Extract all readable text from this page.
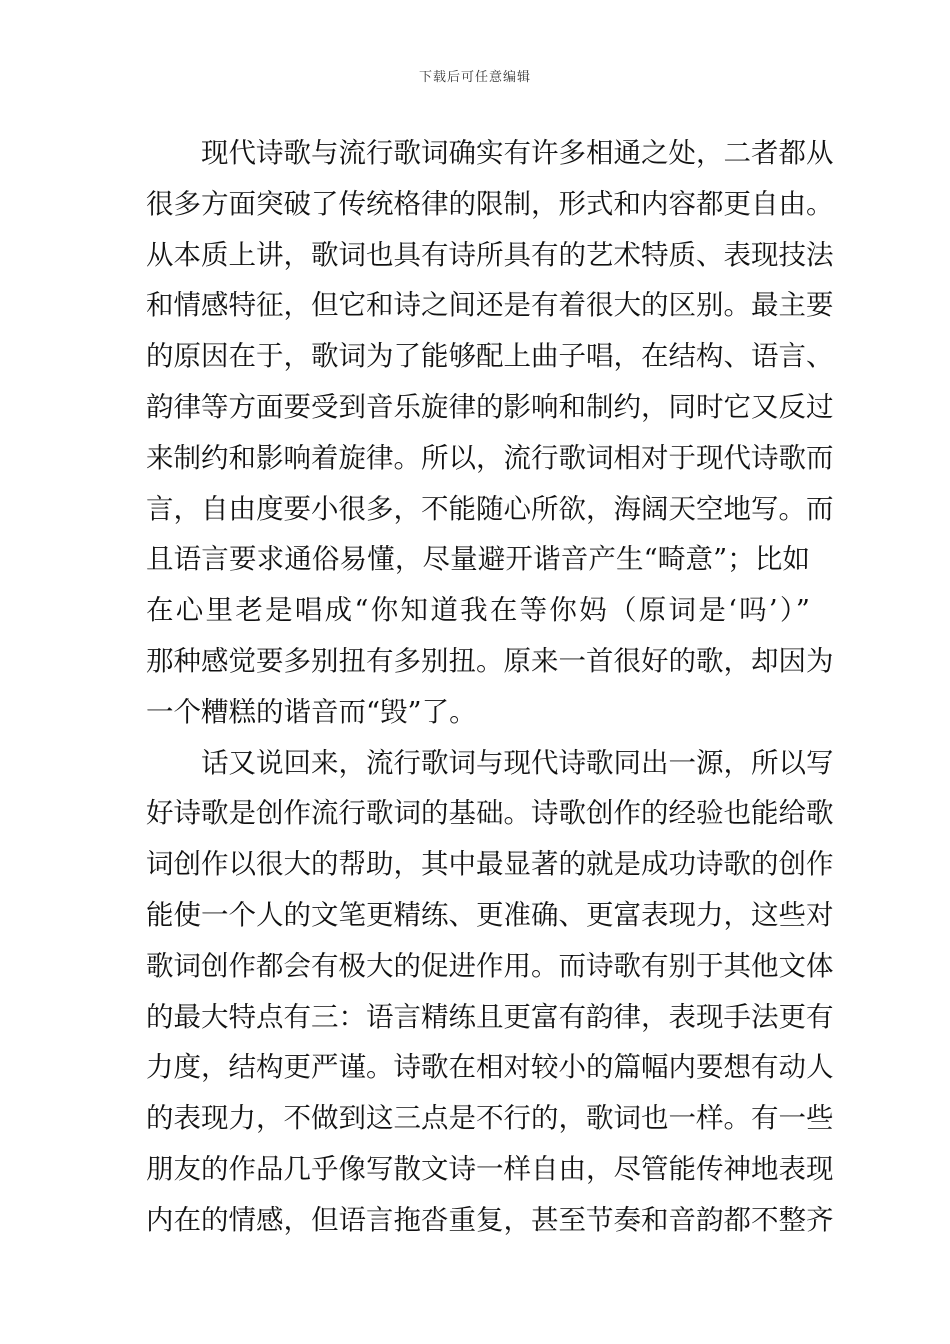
下载后可任意编辑
现代诗歌与流行歌词确实有许多相通之处，二者都从
很多方面突破了传统格律的限制，形式和内容都更自由。
从本质上讲，歌词也具有诗所具有的艺术特质、表现技法
和情感特征，但它和诗之间还是有着很大的区别。最主要
的原因在于，歌词为了能够配上曲子唱，在结构、语言、
韵律等方面要受到音乐旋律的影响和制约，同时它又反过
来制约和影响着旋律。所以，流行歌词相对于现代诗歌而
言，自由度要小很多，不能随心所欲，海阔天空地写。而
且语言要求通俗易懂，尽量避开谐音产生“畸意”；比如
在心里老是唱成“你知道我在等你妈（原词是‘吗’）”
那种感觉要多别扭有多别扭。原来一首很好的歌，却因为
一个糟糕的谐音而“毁”了。
话又说回来，流行歌词与现代诗歌同出一源，所以写
好诗歌是创作流行歌词的基础。诗歌创作的经验也能给歌
词创作以很大的帮助，其中最显著的就是成功诗歌的创作
能使一个人的文笔更精练、更准确、更富表现力，这些对
歌词创作都会有极大的促进作用。而诗歌有别于其他文体
的最大特点有三：语言精练且更富有韵律，表现手法更有
力度，结构更严谨。诗歌在相对较小的篇幅内要想有动人
的表现力，不做到这三点是不行的，歌词也一样。有一些
朋友的作品几乎像写散文诗一样自由，尽管能传神地表现
内在的情感，但语言拖沓重复，甚至节奏和音韵都不整齐
